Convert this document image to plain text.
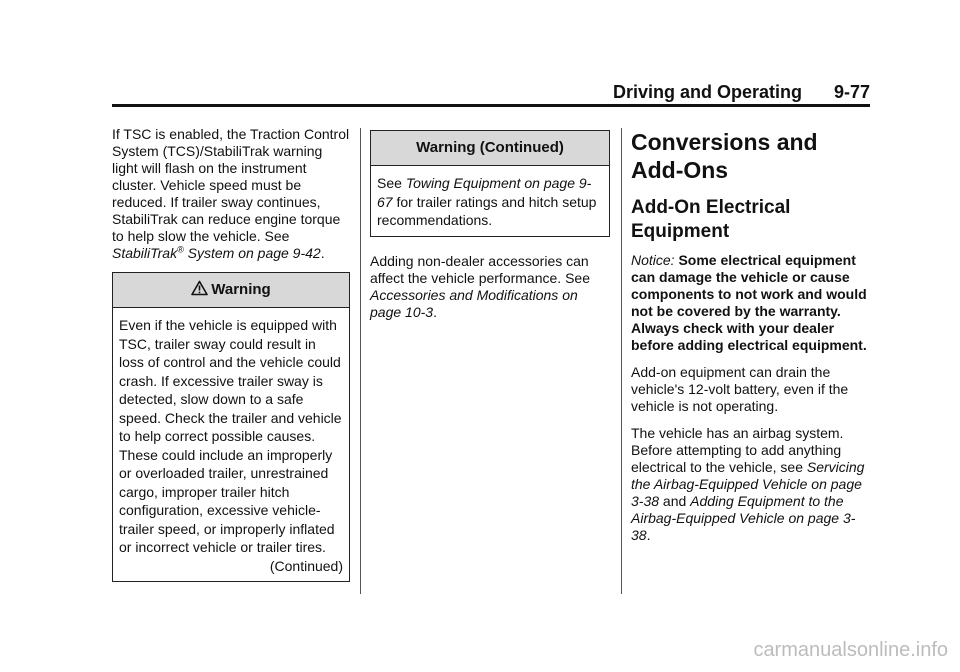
Driving and Operating 9-77

If TSC is enabled, the Traction Control System (TCS)/StabiliTrak warning light will flash on the instrument cluster. Vehicle speed must be reduced. If trailer sway continues, StabiliTrak can reduce engine torque to help slow the vehicle. See StabiliTrak® System on page 9-42.

Warning
Even if the vehicle is equipped with TSC, trailer sway could result in loss of control and the vehicle could crash. If excessive trailer sway is detected, slow down to a safe speed. Check the trailer and vehicle to help correct possible causes. These could include an improperly or overloaded trailer, unrestrained cargo, improper trailer hitch configuration, excessive vehicle-trailer speed, or improperly inflated or incorrect vehicle or trailer tires.
(Continued)
Warning (Continued)
See Towing Equipment on page 9-67 for trailer ratings and hitch setup recommendations.

Adding non-dealer accessories can affect the vehicle performance. See Accessories and Modifications on page 10-3.

Conversions and Add-Ons
Add-On Electrical Equipment

Notice: Some electrical equipment can damage the vehicle or cause components to not work and would not be covered by the warranty. Always check with your dealer before adding electrical equipment.

Add-on equipment can drain the vehicle's 12-volt battery, even if the vehicle is not operating.

The vehicle has an airbag system. Before attempting to add anything electrical to the vehicle, see Servicing the Airbag-Equipped Vehicle on page 3-38 and Adding Equipment to the Airbag-Equipped Vehicle on page 3-38.

carmanualsonline.info
